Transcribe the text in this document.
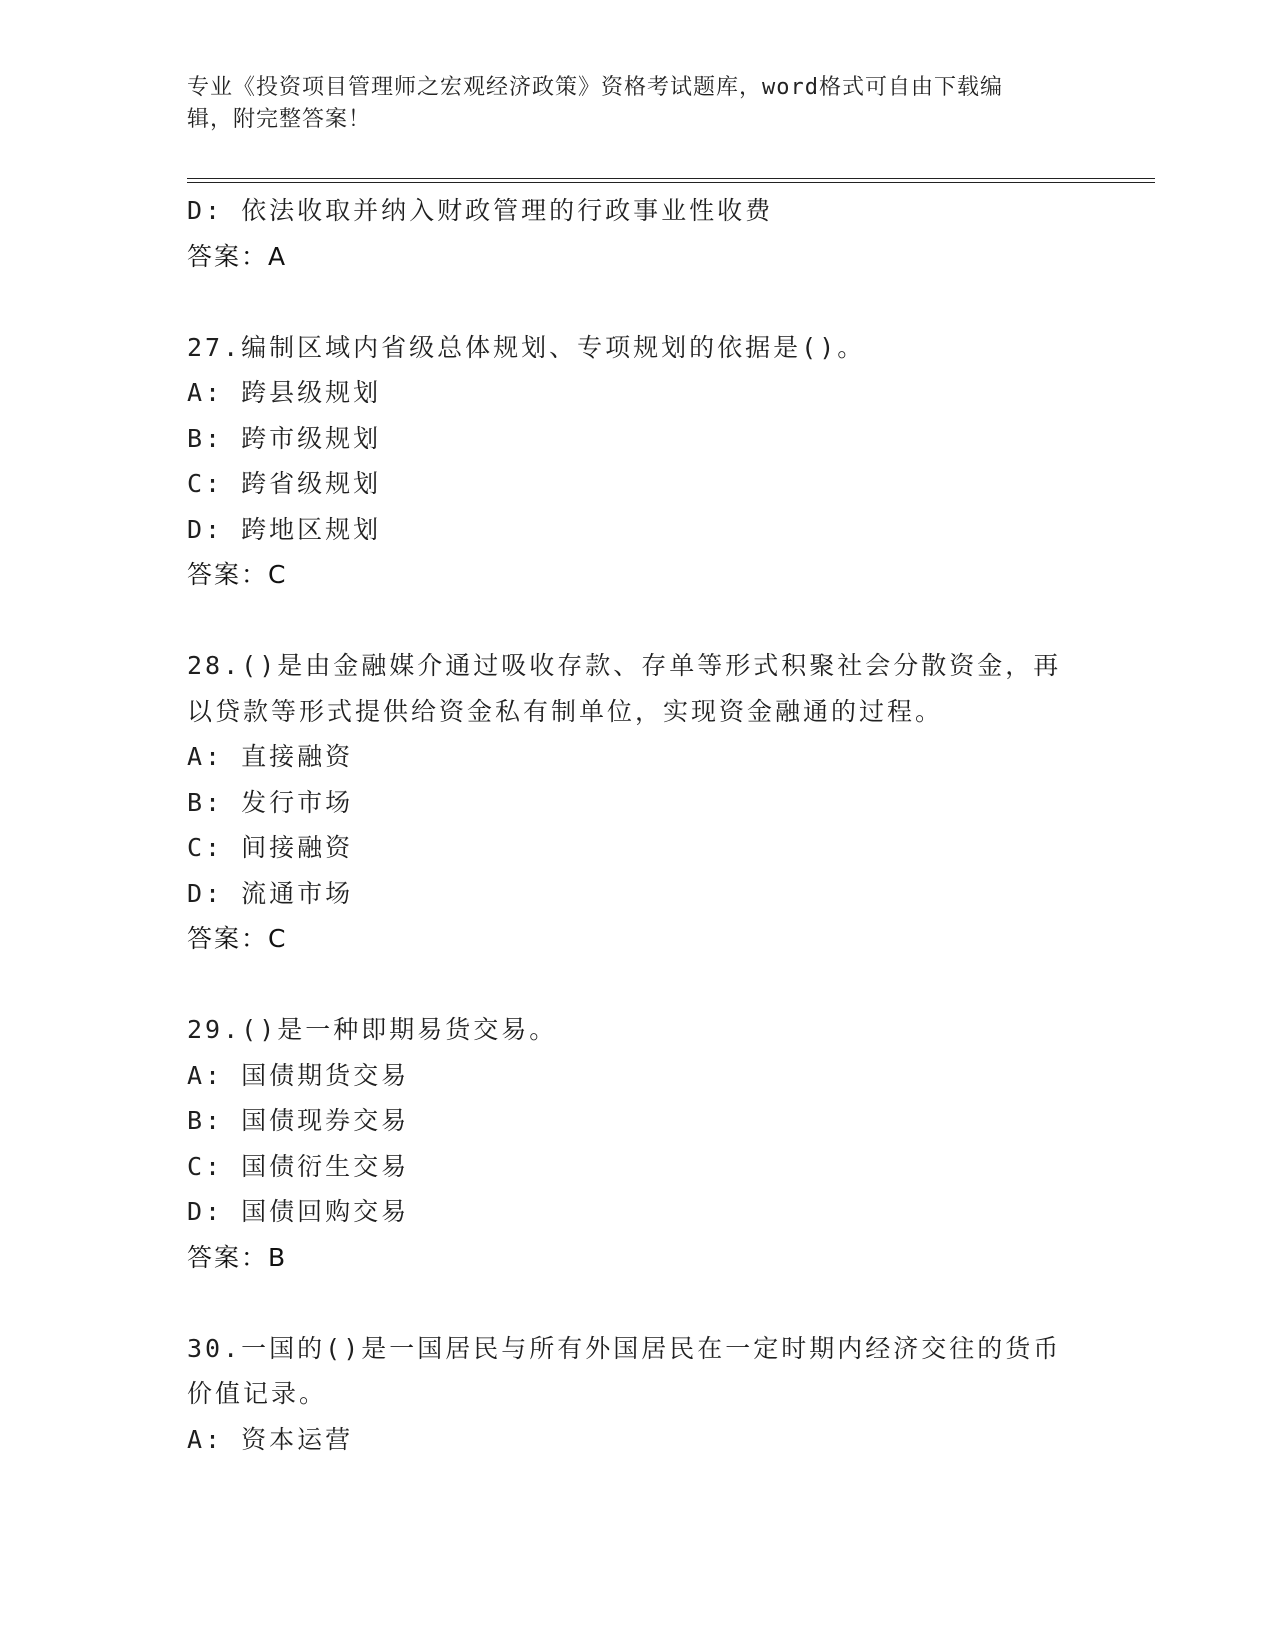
专业《投资项目管理师之宏观经济政策》资格考试题库，word格式可自由下载编
辑，附完整答案！
D: 依法收取并纳入财政管理的行政事业性收费
答案：A
27.编制区域内省级总体规划、专项规划的依据是()。
A: 跨县级规划
B: 跨市级规划
C: 跨省级规划
D: 跨地区规划
答案：C
28.()是由金融媒介通过吸收存款、存单等形式积聚社会分散资金，再
以贷款等形式提供给资金私有制单位，实现资金融通的过程。
A: 直接融资
B: 发行市场
C: 间接融资
D: 流通市场
答案：C
29.()是一种即期易货交易。
A: 国债期货交易
B: 国债现券交易
C: 国债衍生交易
D: 国债回购交易
答案：B
30.一国的()是一国居民与所有外国居民在一定时期内经济交往的货币
价值记录。
A: 资本运营
